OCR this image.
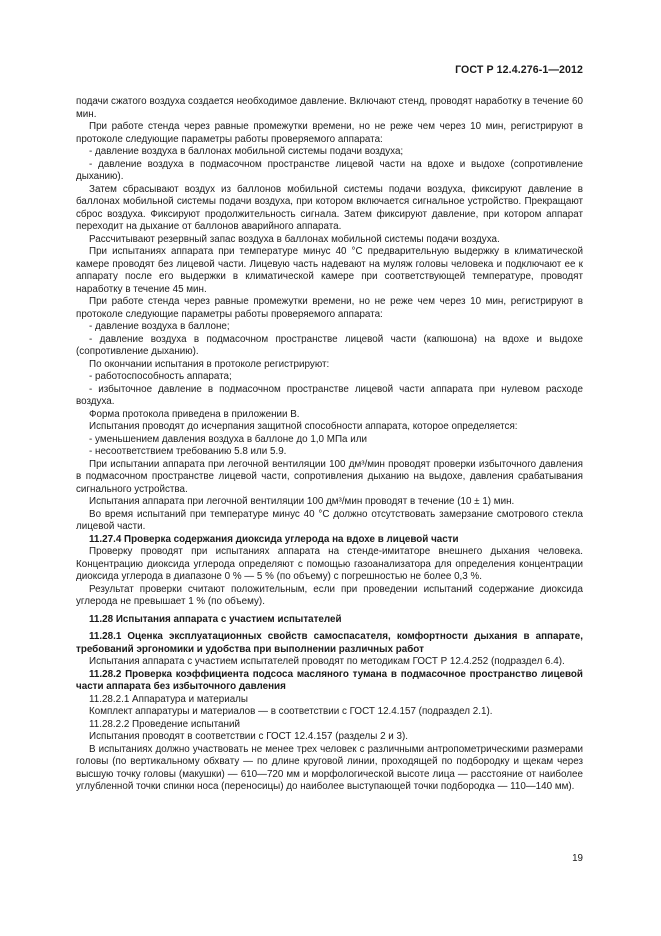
ГОСТ Р 12.4.276-1—2012

подачи сжатого воздуха создается необходимое давление. Включают стенд, проводят наработку в течение 60 мин.

При работе стенда через равные промежутки времени, но не реже чем через 10 мин, регистрируют в протоколе следующие параметры работы проверяемого аппарата:

- давление воздуха в баллонах мобильной системы подачи воздуха;

- давление воздуха в подмасочном пространстве лицевой части на вдохе и выдохе (сопротивление дыханию).

Затем сбрасывают воздух из баллонов мобильной системы подачи воздуха, фиксируют давление в баллонах мобильной системы подачи воздуха, при котором включается сигнальное устройство. Прекращают сброс воздуха. Фиксируют продолжительность сигнала. Затем фиксируют давление, при котором аппарат переходит на дыхание от баллонов аварийного аппарата.

Рассчитывают резервный запас воздуха в баллонах мобильной системы подачи воздуха.

При испытаниях аппарата при температуре минус 40 °С предварительную выдержку в климатической камере проводят без лицевой части. Лицевую часть надевают на муляж головы человека и подключают ее к аппарату после его выдержки в климатической камере при соответствующей температуре, проводят наработку в течение 45 мин.

При работе стенда через равные промежутки времени, но не реже чем через 10 мин, регистрируют в протоколе следующие параметры работы проверяемого аппарата:

- давление воздуха в баллоне;

- давление воздуха в подмасочном пространстве лицевой части (капюшона) на вдохе и выдохе (сопротивление дыханию).

По окончании испытания в протоколе регистрируют:

- работоспособность аппарата;

- избыточное давление в подмасочном пространстве лицевой части аппарата при нулевом расходе воздуха.

Форма протокола приведена в приложении В.

Испытания проводят до исчерпания защитной способности аппарата, которое определяется:

- уменьшением давления воздуха в баллоне до 1,0 МПа или

- несоответствием требованию 5.8 или 5.9.

При испытании аппарата при легочной вентиляции 100 дм³/мин проводят проверки избыточного давления в подмасочном пространстве лицевой части, сопротивления дыханию на выдохе, давления срабатывания сигнального устройства.

Испытания аппарата при легочной вентиляции 100 дм³/мин проводят в течение (10 ± 1) мин.

Во время испытаний при температуре минус 40 °С должно отсутствовать замерзание смотрового стекла лицевой части.

11.27.4 Проверка содержания диоксида углерода на вдохе в лицевой части

Проверку проводят при испытаниях аппарата на стенде-имитаторе внешнего дыхания человека. Концентрацию диоксида углерода определяют с помощью газоанализатора для определения концентрации диоксида углерода в диапазоне 0 % — 5 % (по объему) с погрешностью не более 0,3 %.

Результат проверки считают положительным, если при проведении испытаний содержание диоксида углерода не превышает 1 % (по объему).

11.28 Испытания аппарата с участием испытателей

11.28.1 Оценка эксплуатационных свойств самоспасателя, комфортности дыхания в аппарате, требований эргономики и удобства при выполнении различных работ

Испытания аппарата с участием испытателей проводят по методикам ГОСТ Р 12.4.252 (подраздел 6.4).

11.28.2 Проверка коэффициента подсоса масляного тумана в подмасочное пространство лицевой части аппарата без избыточного давления

11.28.2.1 Аппаратура и материалы

Комплект аппаратуры и материалов — в соответствии с ГОСТ 12.4.157 (подраздел 2.1).

11.28.2.2 Проведение испытаний

Испытания проводят в соответствии с ГОСТ 12.4.157 (разделы 2 и 3).

В испытаниях должно участвовать не менее трех человек с различными антропометрическими размерами головы (по вертикальному обхвату — по длине круговой линии, проходящей по подбородку и щекам через высшую точку головы (макушки) — 610—720 мм и морфологической высоте лица — расстояние от наиболее углубленной точки спинки носа (переносицы) до наиболее выступающей точки подбородка — 110—140 мм).

19
